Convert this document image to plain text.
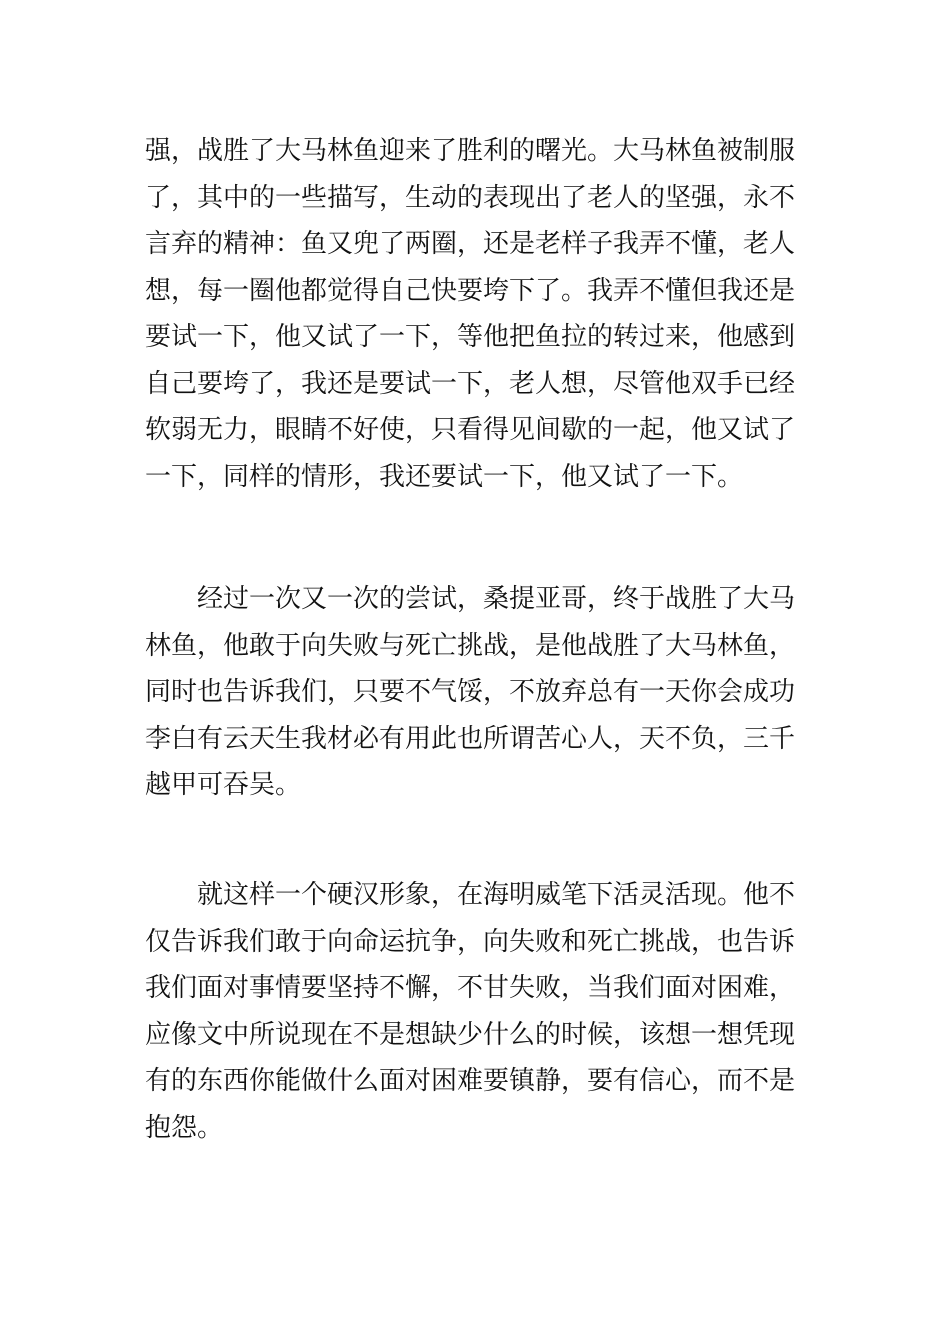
强，战胜了大马林鱼迎来了胜利的曙光。大马林鱼被制服
了，其中的一些描写，生动的表现出了老人的坚强，永不
言弃的精神：鱼又兜了两圈，还是老样子我弄不懂，老人
想，每一圈他都觉得自己快要垮下了。我弄不懂但我还是
要试一下，他又试了一下，等他把鱼拉的转过来，他感到
自己要垮了，我还是要试一下，老人想，尽管他双手已经
软弱无力，眼睛不好使，只看得见间歇的一起，他又试了
一下，同样的情形，我还要试一下，他又试了一下。
　　经过一次又一次的尝试，桑提亚哥，终于战胜了大马
林鱼，他敢于向失败与死亡挑战，是他战胜了大马林鱼，
同时也告诉我们，只要不气馁，不放弃总有一天你会成功
李白有云天生我材必有用此也所谓苦心人，天不负，三千
越甲可吞吴。
　　就这样一个硬汉形象，在海明威笔下活灵活现。他不
仅告诉我们敢于向命运抗争，向失败和死亡挑战，也告诉
我们面对事情要坚持不懈，不甘失败，当我们面对困难，
应像文中所说现在不是想缺少什么的时候，该想一想凭现
有的东西你能做什么面对困难要镇静，要有信心，而不是
抱怨。
